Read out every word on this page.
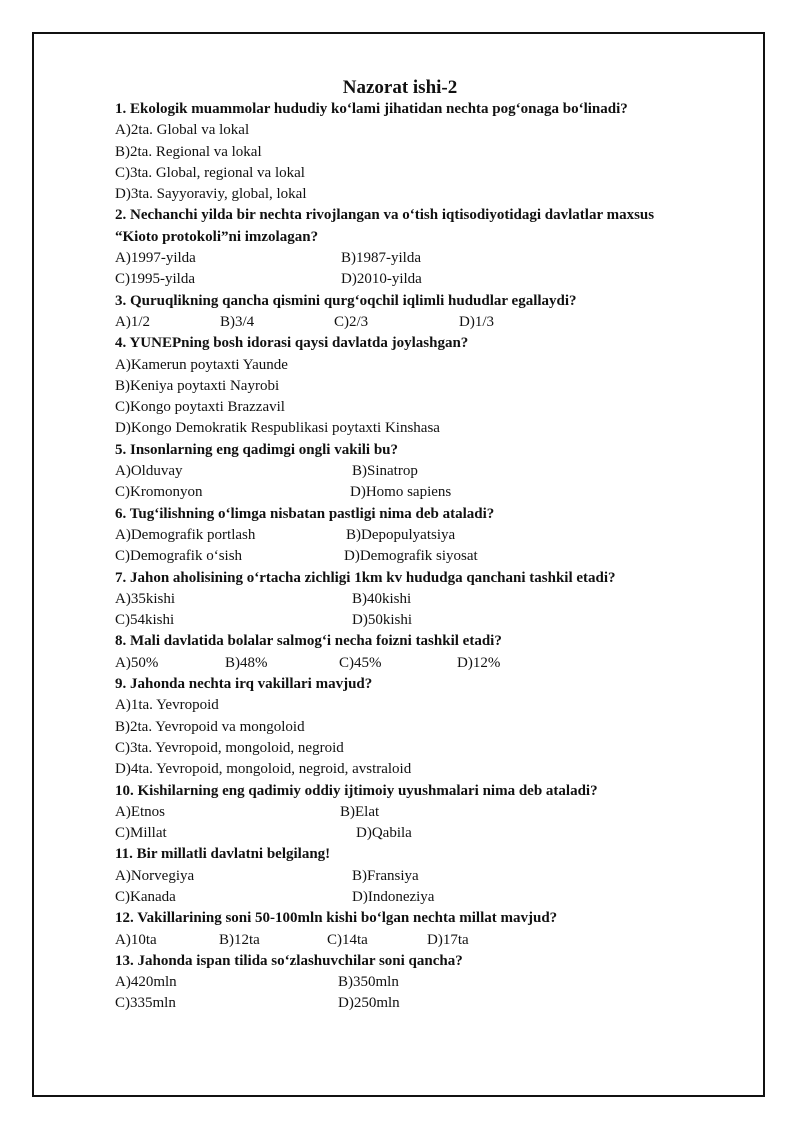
Nazorat ishi-2
1. Ekologik muammolar hududiy ko‘lami jihatidan nechta pog‘onaga bo‘linadi?
A)2ta. Global va lokal
B)2ta. Regional va lokal
C)3ta. Global, regional va lokal
D)3ta. Sayyoraviy, global, lokal
2. Nechanchi yilda bir nechta rivojlangan va o‘tish iqtisodiyotidagi davlatlar maxsus
“Kioto protokoli”ni imzolagan?
A)1997-yilda	B)1987-yilda
C)1995-yilda	D)2010-yilda
3. Quruqlikning qancha qismini qurg‘oqchil iqlimli hududlar egallaydi?
A)1/2	B)3/4	C)2/3	D)1/3
4. YUNEPning bosh idorasi qaysi davlatda joylashgan?
A)Kamerun poytaxti Yaunde
B)Keniya poytaxti Nayrobi
C)Kongo poytaxti Brazzavil
D)Kongo Demokratik Respublikasi poytaxti Kinshasa
5. Insonlarning eng qadimgi ongli vakili bu?
A)Olduvay	B)Sinatrop
C)Kromonyon	D)Homo sapiens
6. Tug‘ilishning o‘limga nisbatan pastligi nima deb ataladi?
A)Demografik portlash	B)Depopulyatsiya
C)Demografik o‘sish	D)Demografik siyosat
7. Jahon aholisining o‘rtacha zichligi 1km kv hududga qanchani tashkil etadi?
A)35kishi	B)40kishi
C)54kishi	D)50kishi
8. Mali davlatida bolalar salmog‘i necha foizni tashkil etadi?
A)50%	B)48%	C)45%	D)12%
9. Jahonda nechta irq vakillari mavjud?
A)1ta. Yevropoid
B)2ta. Yevropoid va mongoloid
C)3ta. Yevropoid, mongoloid, negroid
D)4ta. Yevropoid, mongoloid, negroid, avstraloid
10. Kishilarning eng qadimiy oddiy ijtimoiy uyushmalari nima deb ataladi?
A)Etnos	B)Elat
C)Millat	D)Qabila
11. Bir millatli davlatni belgilang!
A)Norvegiya	B)Fransiya
C)Kanada	D)Indoneziya
12. Vakillarining soni 50-100mln kishi bo‘lgan nechta millat mavjud?
A)10ta	B)12ta	C)14ta	D)17ta
13. Jahonda ispan tilida so‘zlashuvchilar soni qancha?
A)420mln	B)350mln
C)335mln	D)250mln
